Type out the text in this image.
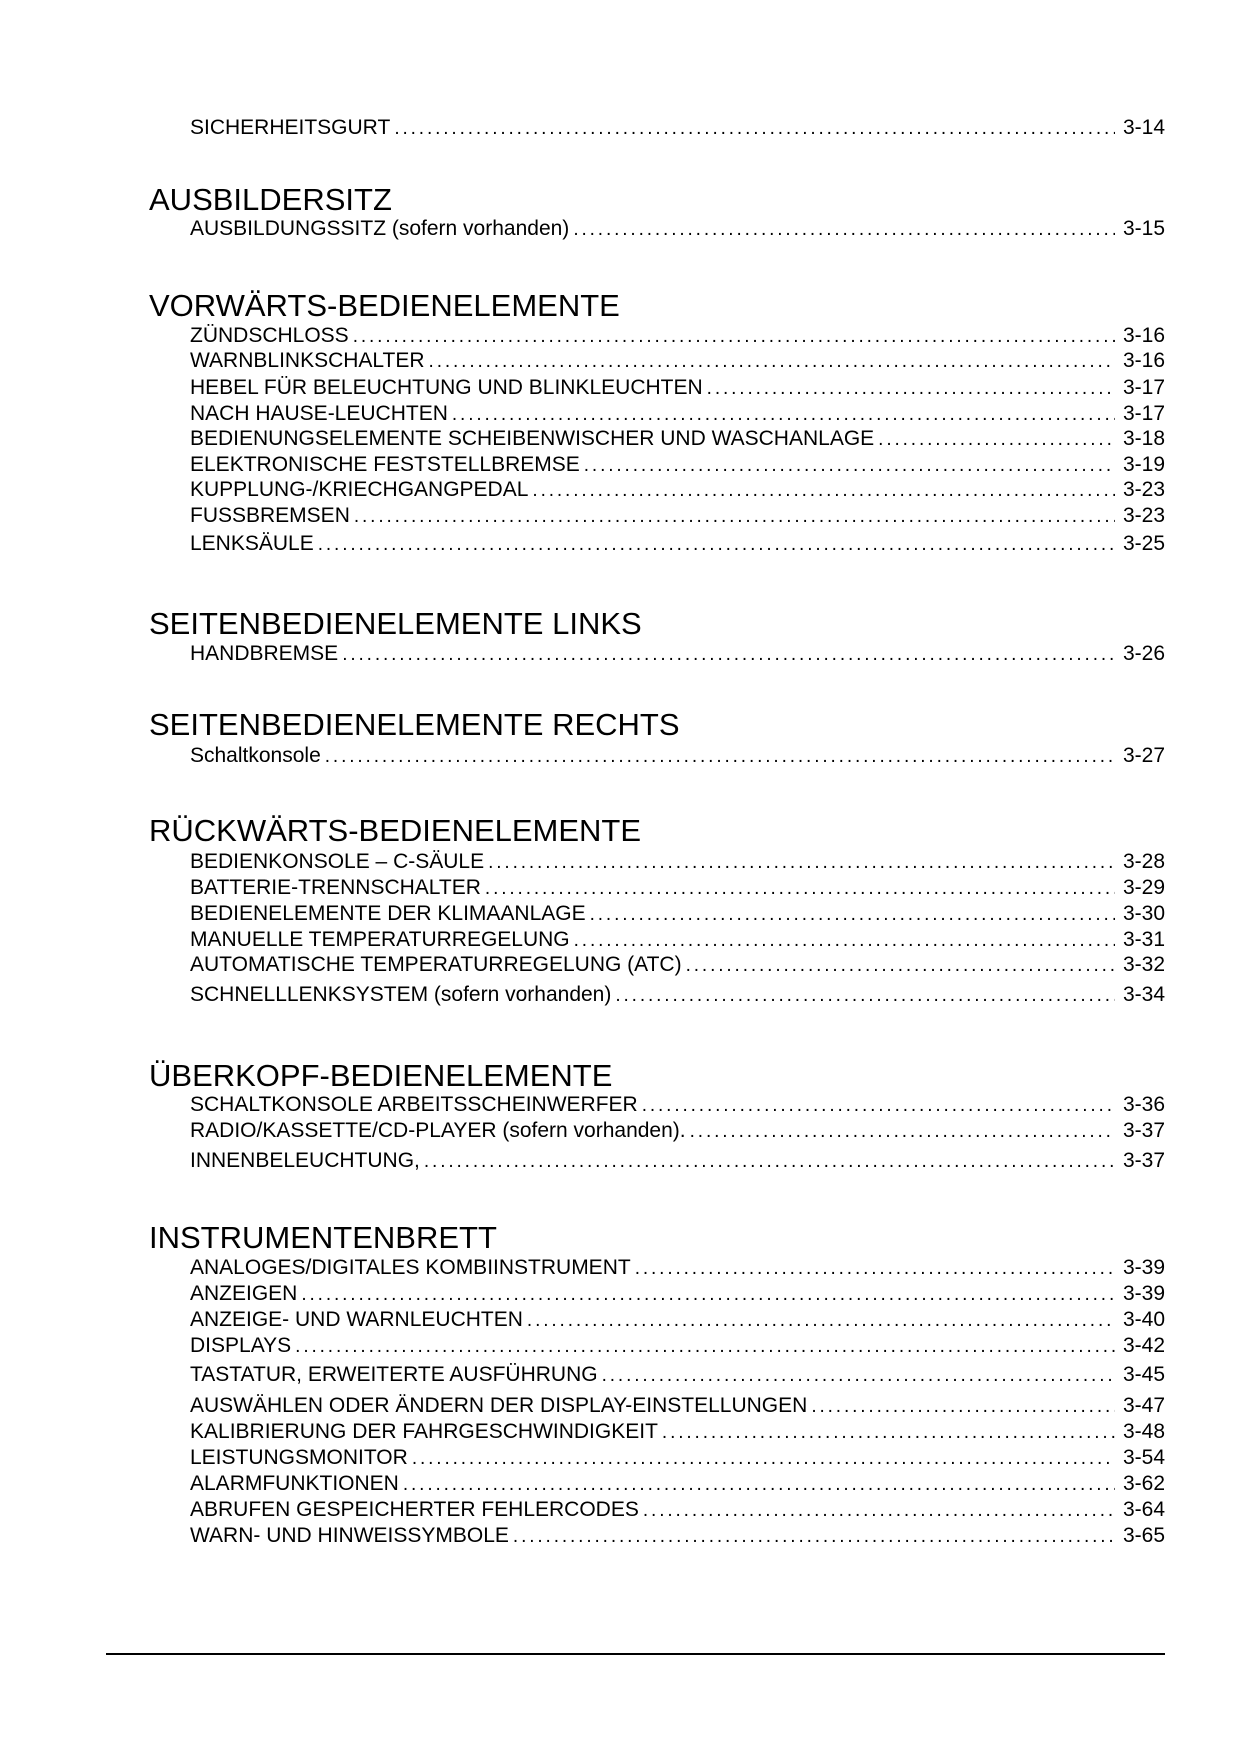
SICHERHEITSGURT . . .	3-14
AUSBILDERSITZ
AUSBILDUNGSSITZ (sofern vorhanden) . . .	3-15
VORWÄRTS-BEDIENELEMENTE
ZÜNDSCHLOSS . . .	3-16
WARNBLINKSCHALTER . . .	3-16
HEBEL FÜR BELEUCHTUNG UND BLINKLEUCHTEN . . .	3-17
NACH HAUSE-LEUCHTEN . . .	3-17
BEDIENUNGSELEMENTE SCHEIBENWISCHER UND WASCHANLAGE . . .	3-18
ELEKTRONISCHE FESTSTELLBREMSE . . .	3-19
KUPPLUNG-/KRIECHGANGPEDAL . . .	3-23
FUSSBREMSEN . . .	3-23
LENKSÄULE . . .	3-25
SEITENBEDIENELEMENTE LINKS
HANDBREMSE . . .	3-26
SEITENBEDIENELEMENTE RECHTS
Schaltkonsole . . .	3-27
RÜCKWÄRTS-BEDIENELEMENTE
BEDIENKONSOLE – C-SÄULE . . .	3-28
BATTERIE-TRENNSCHALTER . . .	3-29
BEDIENELEMENTE DER KLIMAANLAGE . . .	3-30
MANUELLE TEMPERATURREGELUNG . . .	3-31
AUTOMATISCHE TEMPERATURREGELUNG (ATC) . . .	3-32
SCHNELLLENKSYSTEM (sofern vorhanden) . . .	3-34
ÜBERKOPF-BEDIENELEMENTE
SCHALTKONSOLE ARBEITSSCHEINWERFER . . .	3-36
RADIO/KASSETTE/CD-PLAYER (sofern vorhanden). . . .	3-37
INNENBELEUCHTUNG, . . .	3-37
INSTRUMENTENBRETT
ANALOGES/DIGITALES KOMBIINSTRUMENT . . .	3-39
ANZEIGEN . . .	3-39
ANZEIGE- UND WARNLEUCHTEN . . .	3-40
DISPLAYS . . .	3-42
TASTATUR, ERWEITERTE AUSFÜHRUNG . . .	3-45
AUSWÄHLEN ODER ÄNDERN DER DISPLAY-EINSTELLUNGEN . . .	3-47
KALIBRIERUNG DER FAHRGESCHWINDIGKEIT . . .	3-48
LEISTUNGSMONITOR . . .	3-54
ALARMFUNKTIONEN . . .	3-62
ABRUFEN GESPEICHERTER FEHLERCODES . . .	3-64
WARN- UND HINWEISSYMBOLE . . .	3-65
